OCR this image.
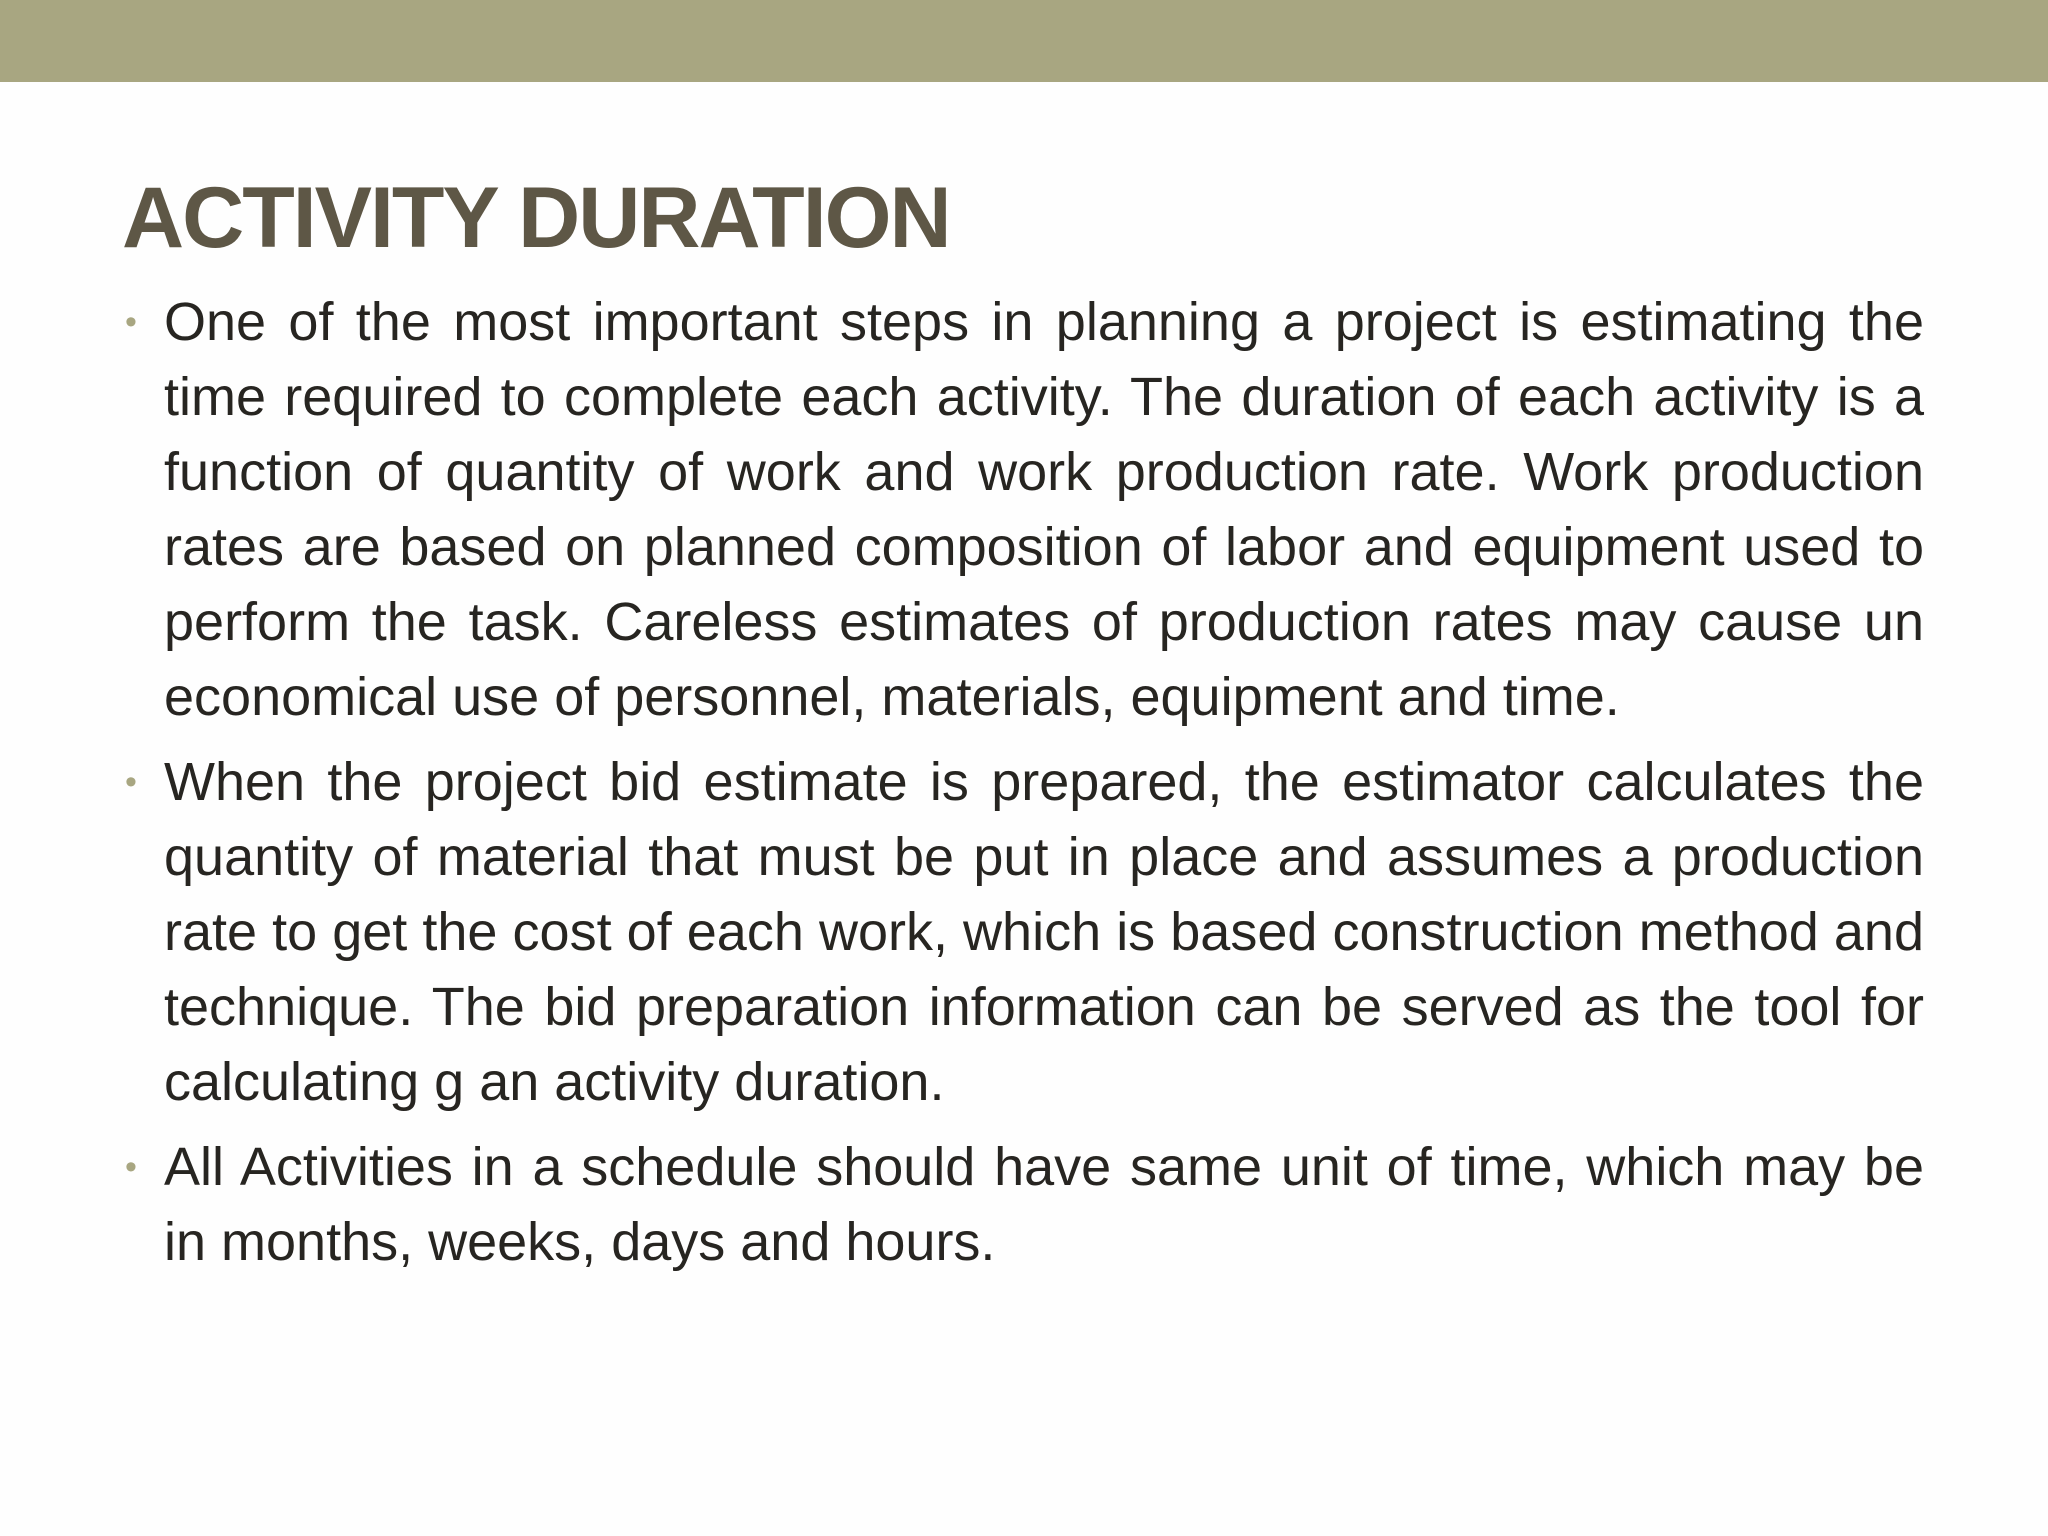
ACTIVITY DURATION
• One of the most important steps in planning a project is estimating the time required to complete each activity. The duration of each activity is a function of quantity of work and work production rate. Work production rates are based on planned composition of labor and equipment used to perform the task. Careless estimates of production rates may cause un economical use of personnel, materials, equipment and time.
• When the project bid estimate is prepared, the estimator calculates the quantity of material that must be put in place and assumes a production rate to get the cost of each work, which is based construction method and technique. The bid preparation information can be served as the tool for calculating g an activity duration.
• All Activities in a schedule should have same unit of time, which may be in months, weeks, days and hours.
